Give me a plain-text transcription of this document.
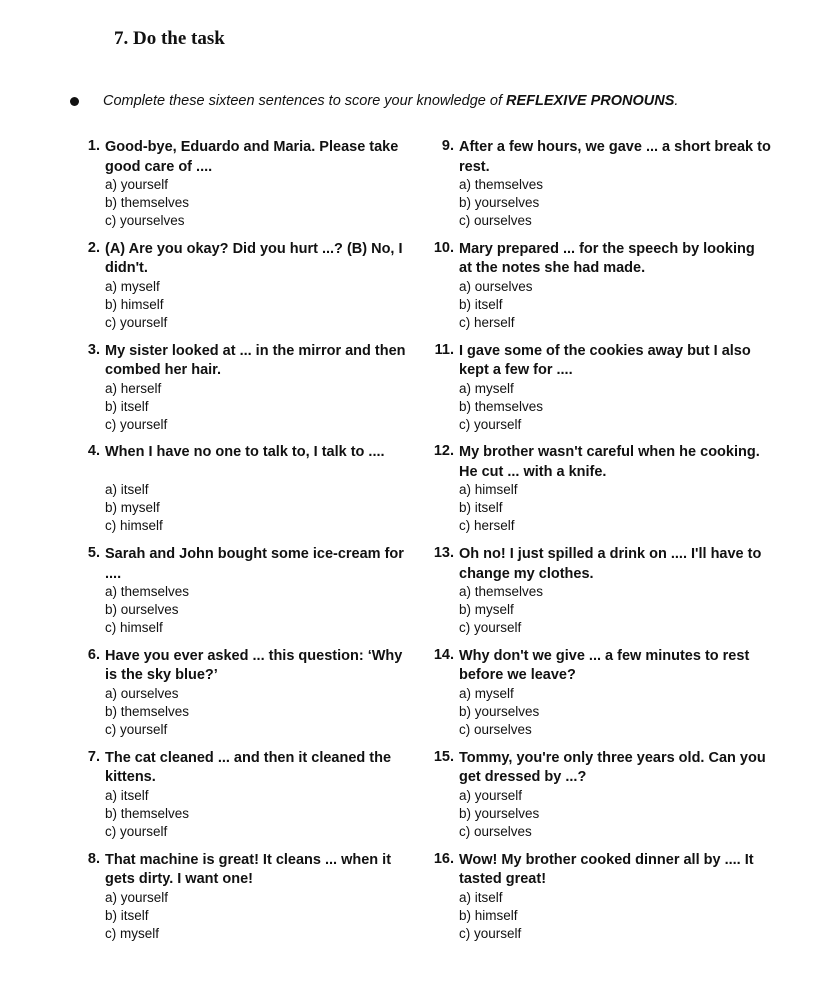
7. Do the task
Complete these sixteen sentences to score your knowledge of REFLEXIVE PRONOUNS.
1. Good-bye, Eduardo and Maria. Please take good care of ....

a) yourself
b) themselves
c) yourselves
2. (A) Are you okay? Did you hurt ...? (B) No, I didn't.

a) myself
b) himself
c) yourself
3. My sister looked at ... in the mirror and then combed her hair.

a) herself
b) itself
c) yourself
4. When I have no one to talk to, I talk to ....

a) itself
b) myself
c) himself
5. Sarah and John bought some ice-cream for ....

a) themselves
b) ourselves
c) himself
6. Have you ever asked ... this question: ‘Why is the sky blue?’

a) ourselves
b) themselves
c) yourself
7. The cat cleaned ... and then it cleaned the kittens.

a) itself
b) themselves
c) yourself
8. That machine is great! It cleans ... when it gets dirty. I want one!

a) yourself
b) itself
c) myself
9. After a few hours, we gave ... a short break to rest.

a) themselves
b) yourselves
c) ourselves
10. Mary prepared ... for the speech by looking at the notes she had made.

a) ourselves
b) itself
c) herself
11. I gave some of the cookies away but I also kept a few for ....

a) myself
b) themselves
c) yourself
12. My brother wasn't careful when he cooking. He cut ... with a knife.

a) himself
b) itself
c) herself
13. Oh no! I just spilled a drink on .... I'll have to change my clothes.

a) themselves
b) myself
c) yourself
14. Why don't we give ... a few minutes to rest before we leave?

a) myself
b) yourselves
c) ourselves
15. Tommy, you're only three years old. Can you get dressed by ...?

a) yourself
b) yourselves
c) ourselves
16. Wow! My brother cooked dinner all by .... It tasted great!

a) itself
b) himself
c) yourself
